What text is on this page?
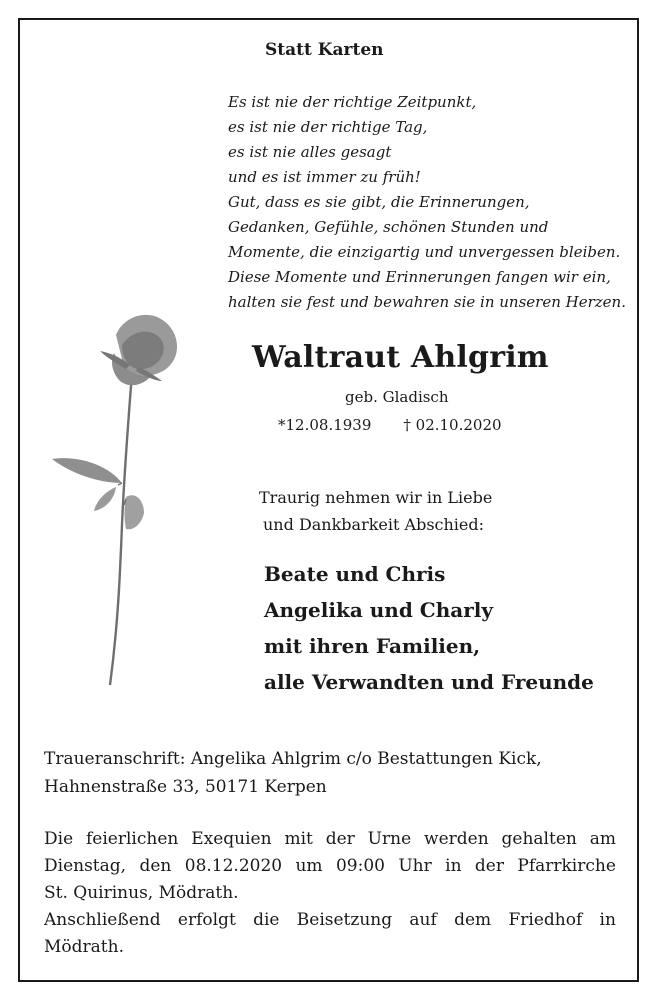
Statt Karten
Es ist nie der richtige Zeitpunkt,
es ist nie der richtige Tag,
es ist nie alles gesagt
und es ist immer zu früh!
Gut, dass es sie gibt, die Erinnerungen,
Gedanken, Gefühle, schönen Stunden und
Momente, die einzigartig und unvergessen bleiben.
Diese Momente und Erinnerungen fangen wir ein,
halten sie fest und bewahren sie in unseren Herzen.
Waltraut Ahlgrim
geb. Gladisch
*12.08.1939 † 02.10.2020
Traurig nehmen wir in Liebe
und Dankbarkeit Abschied:
Beate und Chris
Angelika und Charly
mit ihren Familien,
alle Verwandten und Freunde
Traueranschrift: Angelika Ahlgrim c/o Bestattungen Kick,
Hahnenstraße 33, 50171 Kerpen
Die feierlichen Exequien mit der Urne werden gehalten am
Dienstag, den 08.12.2020 um 09:00 Uhr in der Pfarrkirche
St. Quirinus, Mödrath.
Anschließend erfolgt die Beisetzung auf dem Friedhof in
Mödrath.
